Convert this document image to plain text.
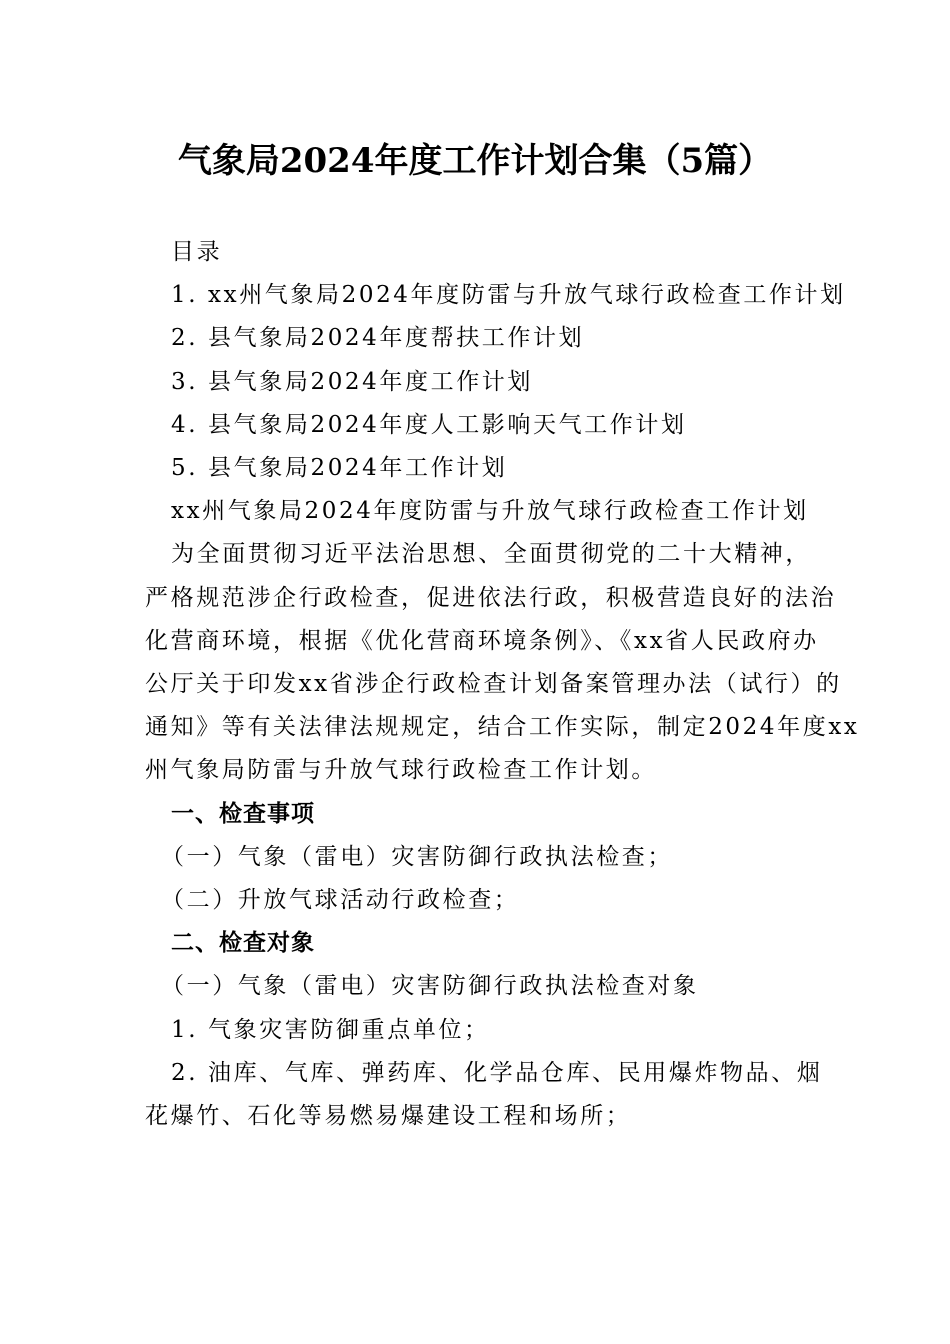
气象局2024年度工作计划合集（5篇）
目录
1. xx州气象局2024年度防雷与升放气球行政检查工作计划
2. 县气象局2024年度帮扶工作计划
3. 县气象局2024年度工作计划
4. 县气象局2024年度人工影响天气工作计划
5. 县气象局2024年工作计划
xx州气象局2024年度防雷与升放气球行政检查工作计划
为全面贯彻习近平法治思想、全面贯彻党的二十大精神，
严格规范涉企行政检查，促进依法行政，积极营造良好的法治
化营商环境，根据《优化营商环境条例》、《xx省人民政府办
公厅关于印发xx省涉企行政检查计划备案管理办法（试行）的
通知》等有关法律法规规定，结合工作实际，制定2024年度xx
州气象局防雷与升放气球行政检查工作计划。
一、检查事项
（一）气象（雷电）灾害防御行政执法检查；
（二）升放气球活动行政检查；
二、检查对象
（一）气象（雷电）灾害防御行政执法检查对象
1. 气象灾害防御重点单位；
2. 油库、气库、弹药库、化学品仓库、民用爆炸物品、烟
花爆竹、石化等易燃易爆建设工程和场所；
